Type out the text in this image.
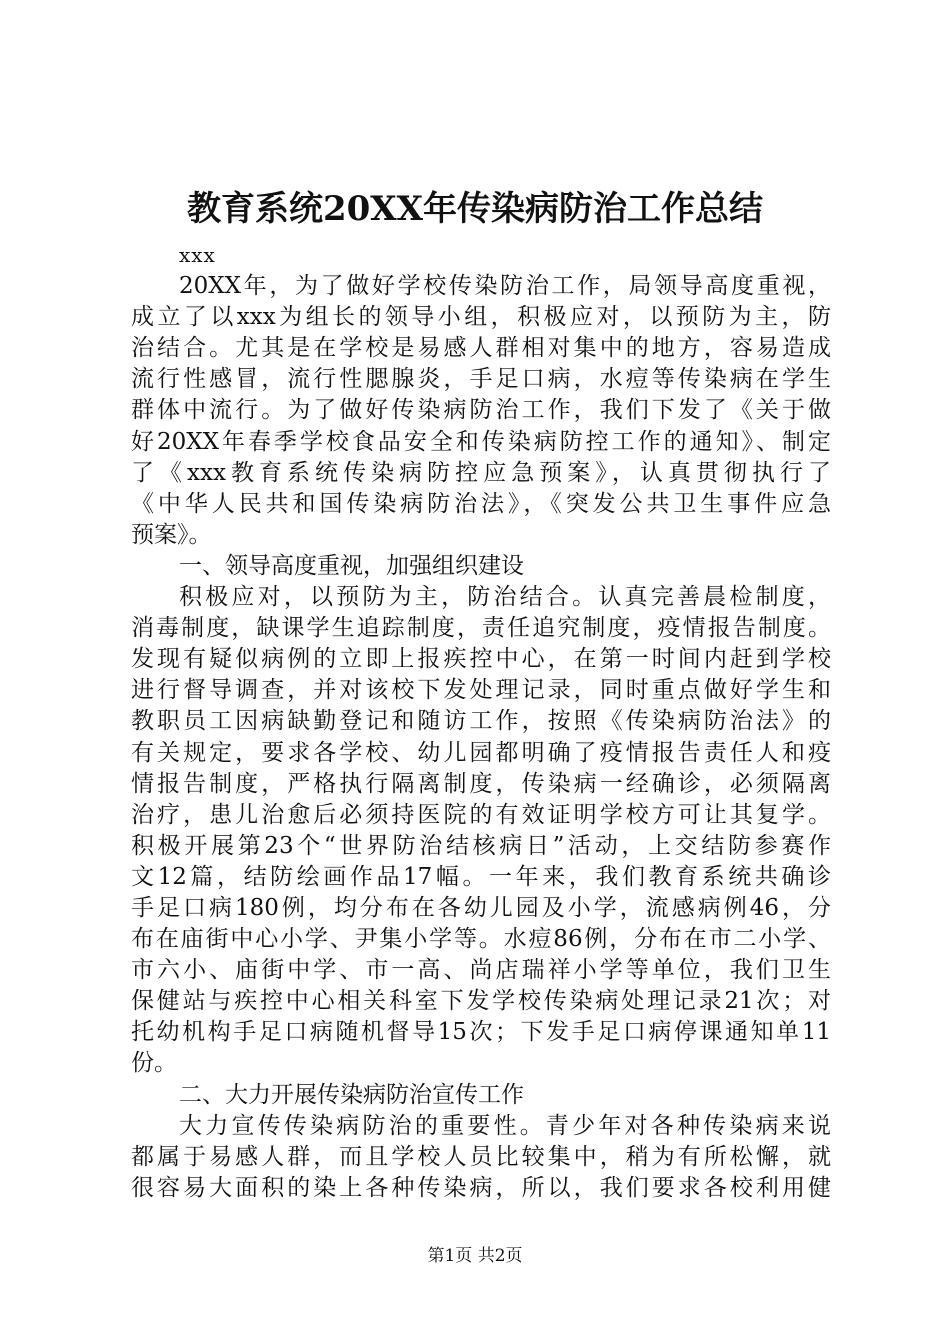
教育系统20XX年传染病防治工作总结
xxx
20XX年，为了做好学校传染防治工作，局领导高度重视，
成立了以xxx为组长的领导小组，积极应对，以预防为主，防
治结合。尤其是在学校是易感人群相对集中的地方，容易造成
流行性感冒，流行性腮腺炎，手足口病，水痘等传染病在学生
群体中流行。为了做好传染病防治工作，我们下发了《关于做
好20XX年春季学校食品安全和传染病防控工作的通知》、制定
了《xxx教育系统传染病防控应急预案》，认真贯彻执行了
《中华人民共和国传染病防治法》，《突发公共卫生事件应急
预案》。
一、领导高度重视，加强组织建设
积极应对，以预防为主，防治结合。认真完善晨检制度，
消毒制度，缺课学生追踪制度，责任追究制度，疫情报告制度。
发现有疑似病例的立即上报疾控中心，在第一时间内赶到学校
进行督导调查，并对该校下发处理记录，同时重点做好学生和
教职员工因病缺勤登记和随访工作，按照《传染病防治法》的
有关规定，要求各学校、幼儿园都明确了疫情报告责任人和疫
情报告制度，严格执行隔离制度，传染病一经确诊，必须隔离
治疗，患儿治愈后必须持医院的有效证明学校方可让其复学。
积极开展第23个“世界防治结核病日”活动，上交结防参赛作
文12篇，结防绘画作品17幅。一年来，我们教育系统共确诊
手足口病180例，均分布在各幼儿园及小学，流感病例46，分
布在庙街中心小学、尹集小学等。水痘86例，分布在市二小学、
市六小、庙街中学、市一高、尚店瑞祥小学等单位，我们卫生
保健站与疾控中心相关科室下发学校传染病处理记录21次；对
托幼机构手足口病随机督导15次；下发手足口病停课通知单11
份。
二、大力开展传染病防治宣传工作
大力宣传传染病防治的重要性。青少年对各种传染病来说
都属于易感人群，而且学校人员比较集中，稍为有所松懈，就
很容易大面积的染上各种传染病，所以，我们要求各校利用健
第1页 共2页
